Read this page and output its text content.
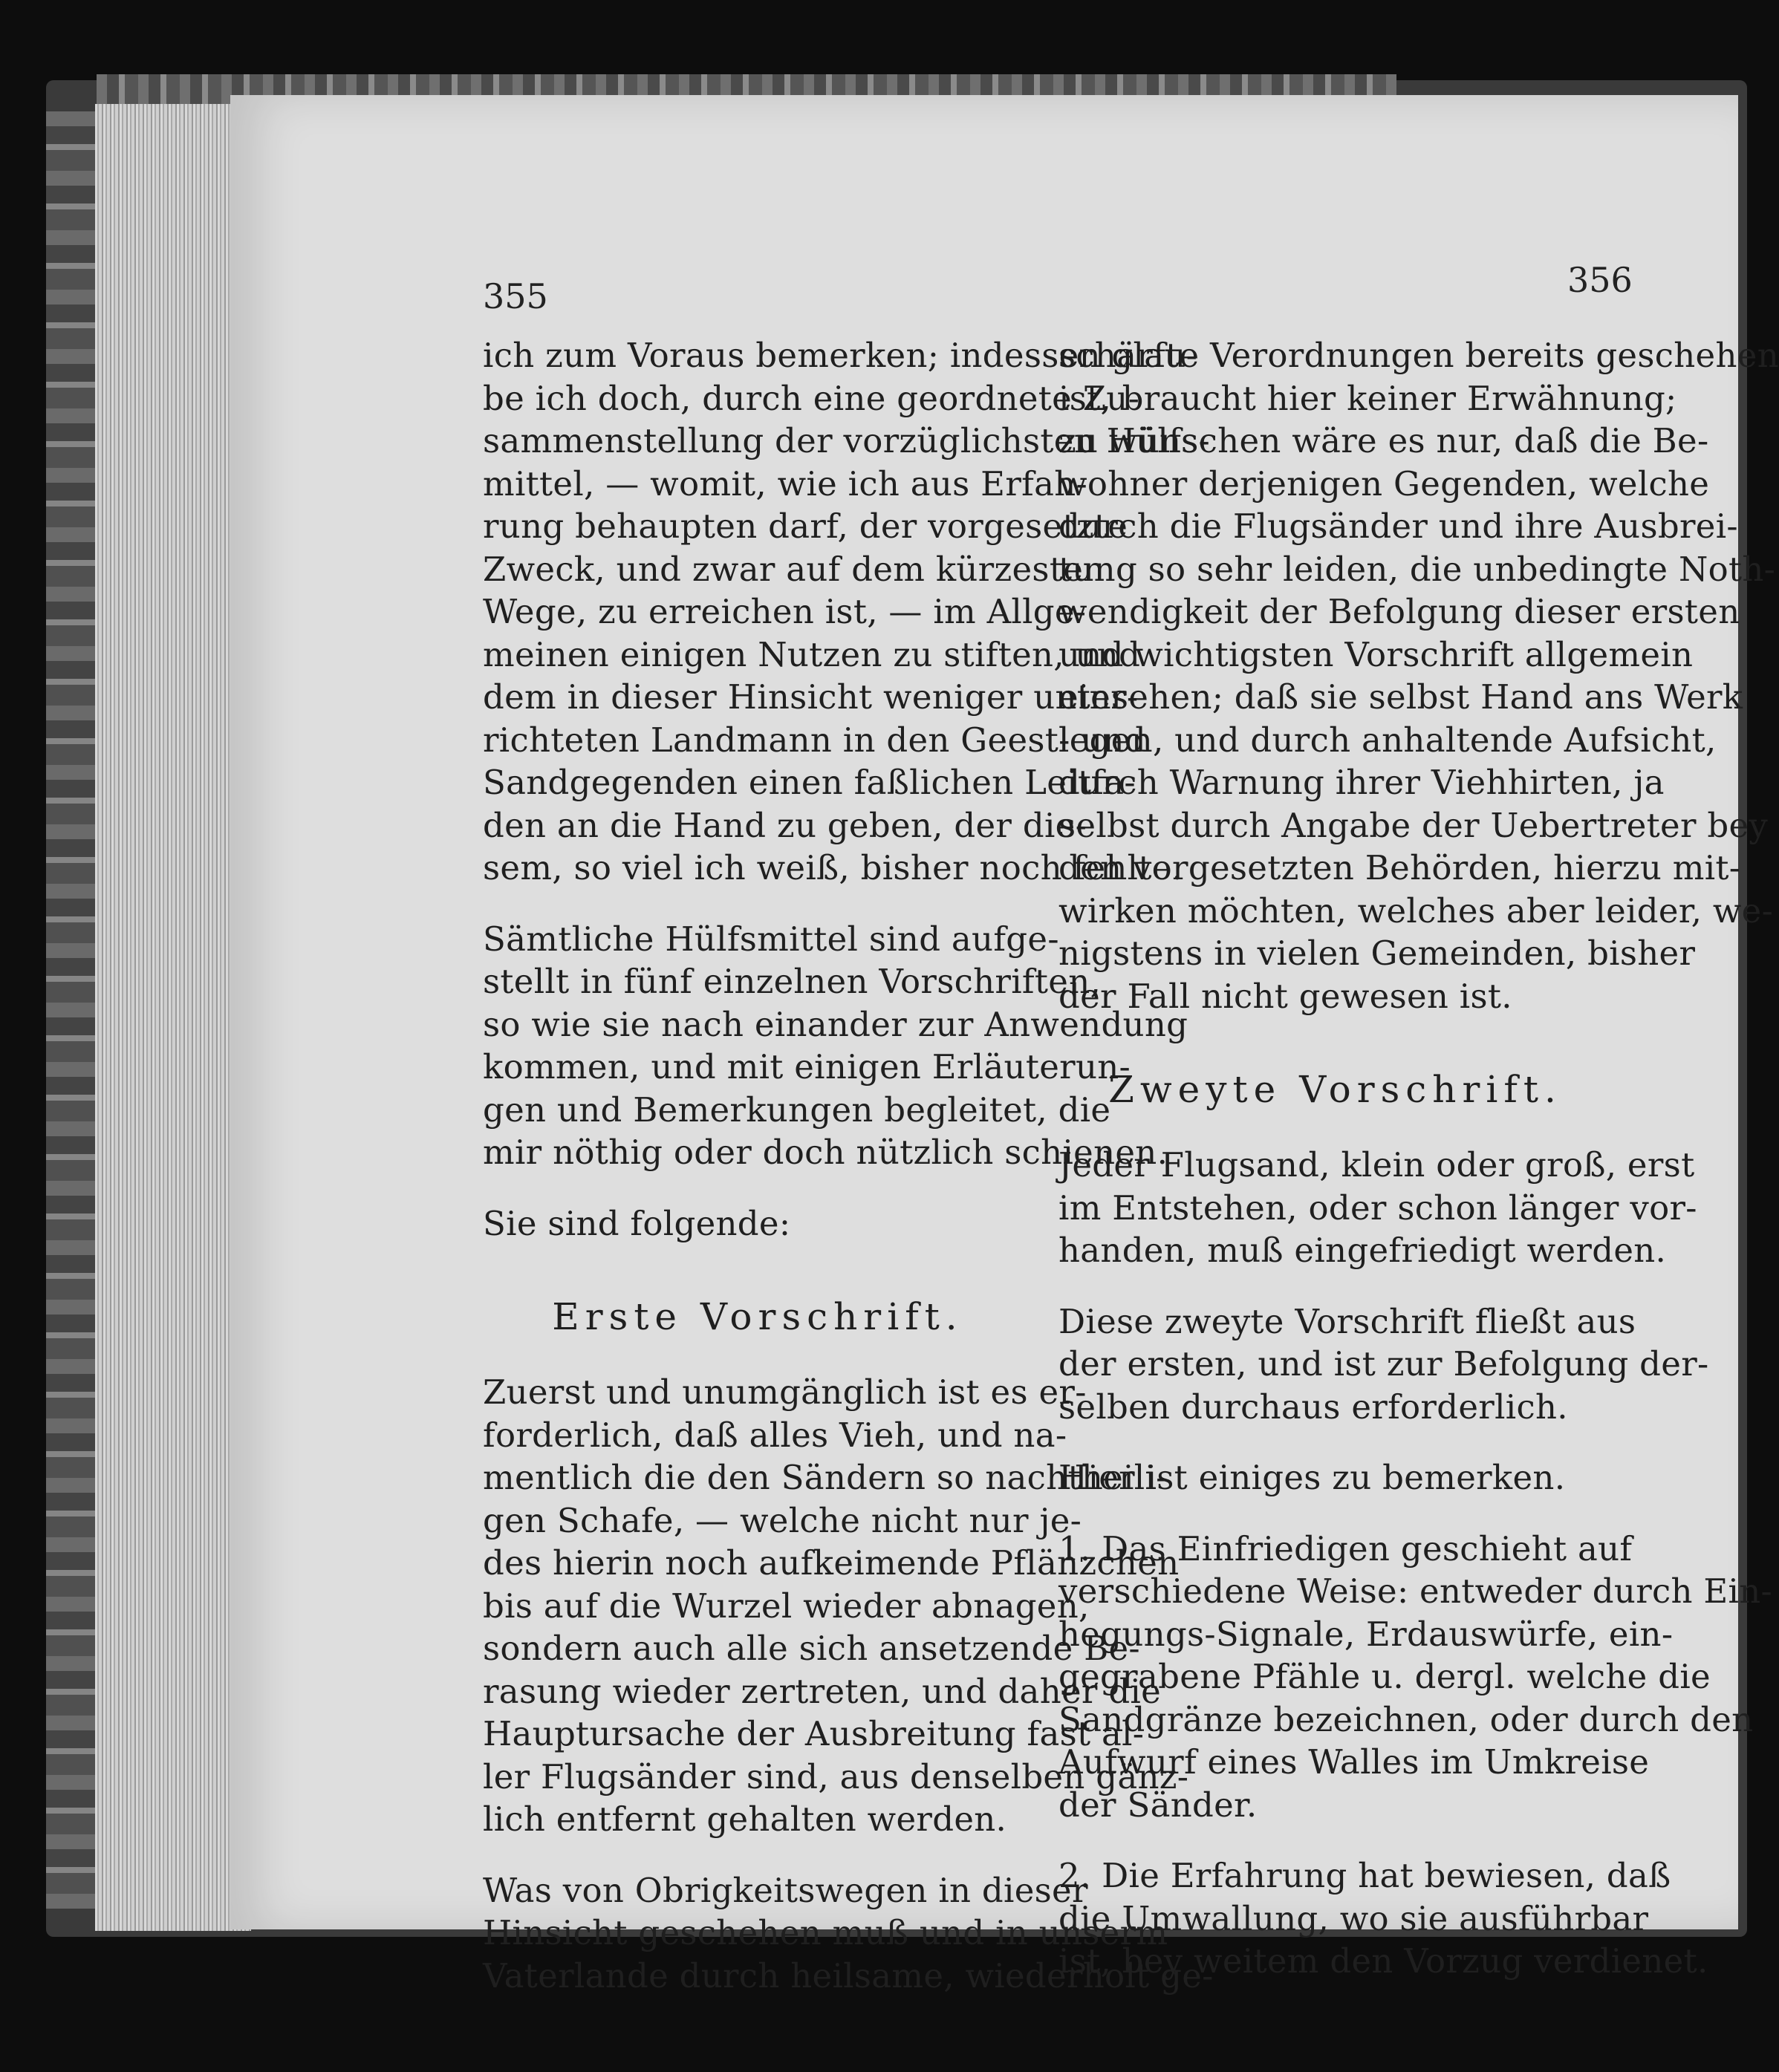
355	356
ich zum Voraus bemerken; indessen glau-
be ich doch, durch eine geordnete Zu-
sammenstellung der vorzüglichsten Hülfs-
mittel, — womit, wie ich aus Erfah-
rung behaupten darf, der vorgesetzte
Zweck, und zwar auf dem kürzesten
Wege, zu erreichen ist, — im Allge-
meinen einigen Nutzen zu stiften, und
dem in dieser Hinsicht weniger unter-
richteten Landmann in den Geest- und
Sandgegenden einen faßlichen Leitfa-
den an die Hand zu geben, der die-
sem, so viel ich weiß, bisher noch fehlte.
Sämtliche Hülfsmittel sind aufge-
stellt in fünf einzelnen Vorschriften,
so wie sie nach einander zur Anwendung
kommen, und mit einigen Erläuterun-
gen und Bemerkungen begleitet, die
mir nöthig oder doch nützlich schienen.
Sie sind folgende:
Erste Vorschrift.
Zuerst und unumgänglich ist es er-
forderlich, daß alles Vieh, und na-
mentlich die den Sändern so nachtheili-
gen Schafe, — welche nicht nur je-
des hierin noch aufkeimende Pflänzchen
bis auf die Wurzel wieder abnagen,
sondern auch alle sich ansetzende Be-
rasung wieder zertreten, und daher die
Hauptursache der Ausbreitung fast al-
ler Flugsänder sind, aus denselben gänz-
lich entfernt gehalten werden.
Was von Obrigkeitswegen in dieser
Hinsicht geschehen muß und in unserm
Vaterlande durch heilsame, wiederholt ge-
schärfte Verordnungen bereits geschehen
ist, braucht hier keiner Erwähnung;
zu wünschen wäre es nur, daß die Be-
wohner derjenigen Gegenden, welche
durch die Flugsänder und ihre Ausbrei-
tung so sehr leiden, die unbedingte Noth-
wendigkeit der Befolgung dieser ersten
und wichtigsten Vorschrift allgemein
einsehen; daß sie selbst Hand ans Werk
legen, und durch anhaltende Aufsicht,
durch Warnung ihrer Viehhirten, ja
selbst durch Angabe der Uebertreter bey
den vorgesetzten Behörden, hierzu mit-
wirken möchten, welches aber leider, we-
nigstens in vielen Gemeinden, bisher
der Fall nicht gewesen ist.
Zweyte Vorschrift.
Jeder Flugsand, klein oder groß, erst
im Entstehen, oder schon länger vor-
handen, muß eingefriedigt werden.
Diese zweyte Vorschrift fließt aus
der ersten, und ist zur Befolgung der-
selben durchaus erforderlich.
Hier ist einiges zu bemerken.
1. Das Einfriedigen geschieht auf
verschiedene Weise: entweder durch Ein-
hegungs-Signale, Erdauswürfe, ein-
gegrabene Pfähle u. dergl. welche die
Sandgränze bezeichnen, oder durch den
Aufwurf eines Walles im Umkreise
der Sänder.
2. Die Erfahrung hat bewiesen, daß
die Umwallung, wo sie ausführbar
ist, bey weitem den Vorzug verdienet.
